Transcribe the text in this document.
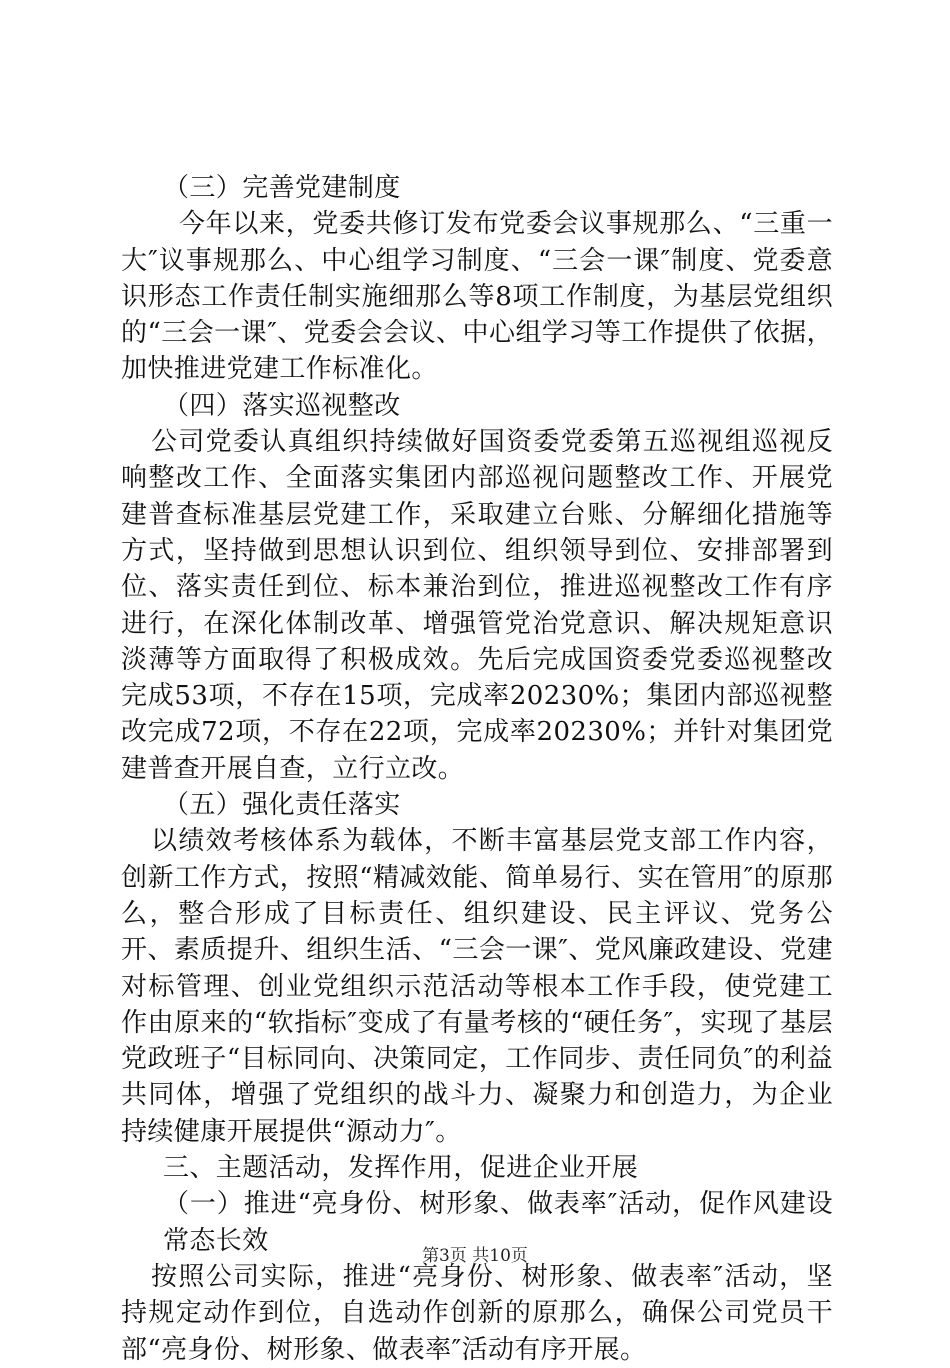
（三）完善党建制度

今年以来，党委共修订发布党委会议事规那么、“三重一大″议事规那么、中心组学习制度、“三会一课″制度、党委意识形态工作责任制实施细那么等8项工作制度，为基层党组织的“三会一课″、党委会会议、中心组学习等工作提供了依据，加快推进党建工作标准化。

（四）落实巡视整改

公司党委认真组织持续做好国资委党委第五巡视组巡视反响整改工作、全面落实集团内部巡视问题整改工作、开展党建普查标准基层党建工作，采取建立台账、分解细化措施等方式，坚持做到思想认识到位、组织领导到位、安排部署到位、落实责任到位、标本兼治到位，推进巡视整改工作有序进行，在深化体制改革、增强管党治党意识、解决规矩意识淡薄等方面取得了积极成效。先后完成国资委党委巡视整改完成53项，不存在15项，完成率20230%；集团内部巡视整改完成72项，不存在22项，完成率20230%；并针对集团党建普查开展自查，立行立改。

（五）强化责任落实

以绩效考核体系为载体，不断丰富基层党支部工作内容，创新工作方式，按照“精减效能、简单易行、实在管用″的原那么，整合形成了目标责任、组织建设、民主评议、党务公开、素质提升、组织生活、“三会一课″、党风廉政建设、党建对标管理、创业党组织示范活动等根本工作手段，使党建工作由原来的“软指标″变成了有量考核的“硬任务″，实现了基层党政班子“目标同向、决策同定，工作同步、责任同负″的利益共同体，增强了党组织的战斗力、凝聚力和创造力，为企业持续健康开展提供“源动力″。

三、主题活动，发挥作用，促进企业开展

（一）推进“亮身份、树形象、做表率″活动，促作风建设常态长效

按照公司实际，推进“亮身份、树形象、做表率″活动，坚持规定动作到位，自选动作创新的原那么，确保公司党员干部“亮身份、树形象、做表率″活动有序开展。

第3页 共10页
